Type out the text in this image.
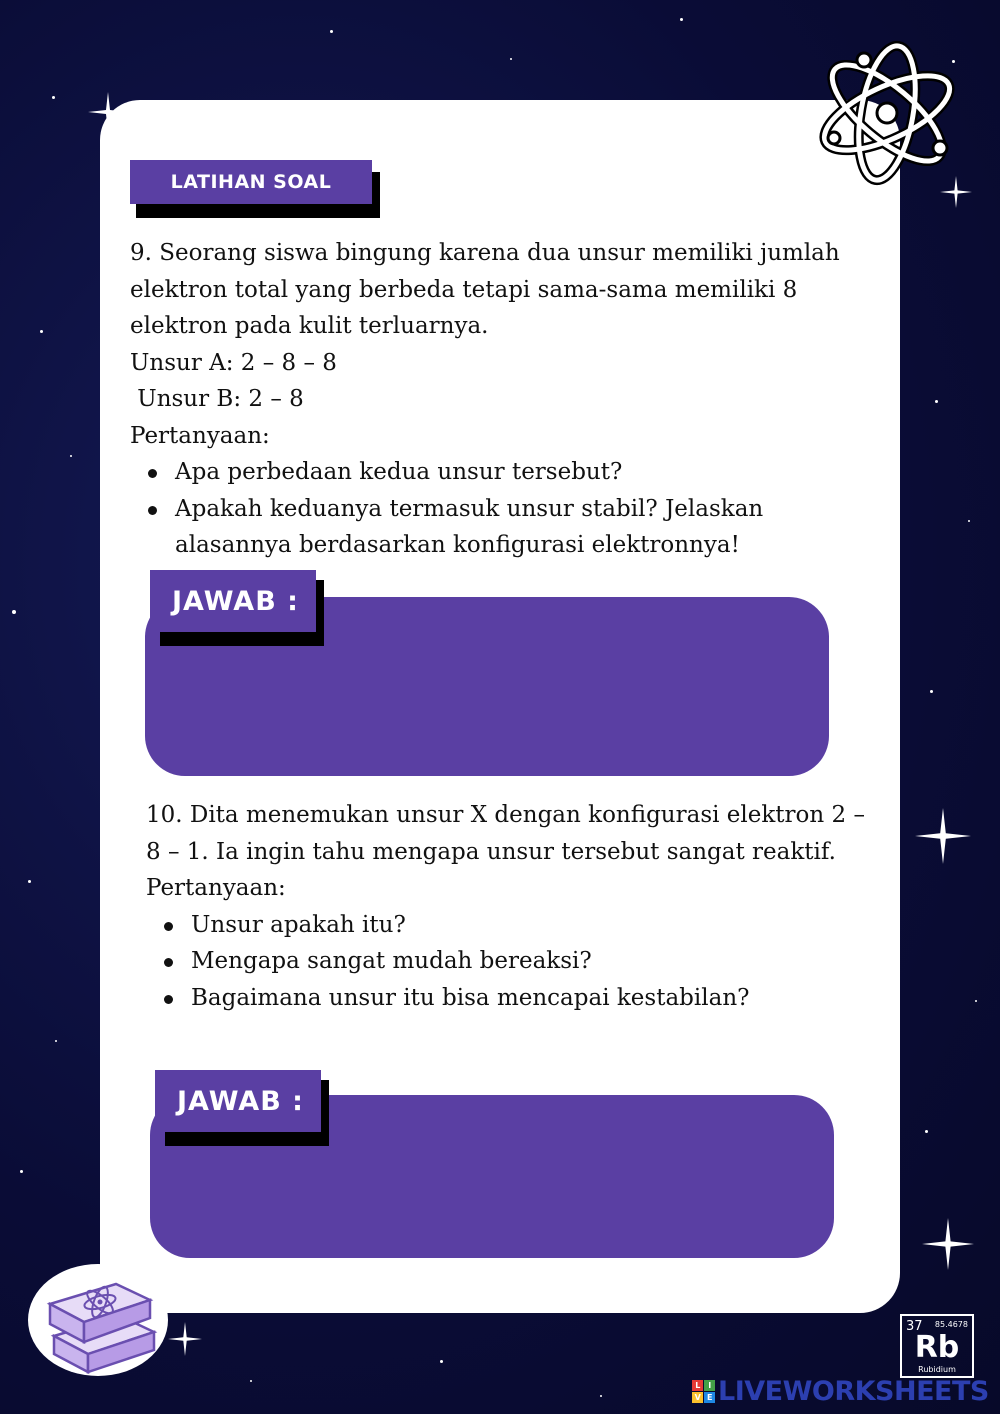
LATIHAN SOAL

9. Seorang siswa bingung karena dua unsur memiliki jumlah elektron total yang berbeda tetapi sama-sama memiliki 8 elektron pada kulit terluarnya.

Unsur A: 2 – 8 – 8

Unsur B: 2 – 8

Pertanyaan:

Apa perbedaan kedua unsur tersebut?
Apakah keduanya termasuk unsur stabil? Jelaskan alasannya berdasarkan konfigurasi elektronnya!
JAWAB :

10. Dita menemukan unsur X dengan konfigurasi elektron 2 – 8 – 1. Ia ingin tahu mengapa unsur tersebut sangat reaktif.

Pertanyaan:

Unsur apakah itu?
Mengapa sangat mudah bereaksi?
Bagaimana unsur itu bisa mencapai kestabilan?
JAWAB :
37 85.4678
Rb
Rubidium
L	I
V E LIVEWORKSHEETS
